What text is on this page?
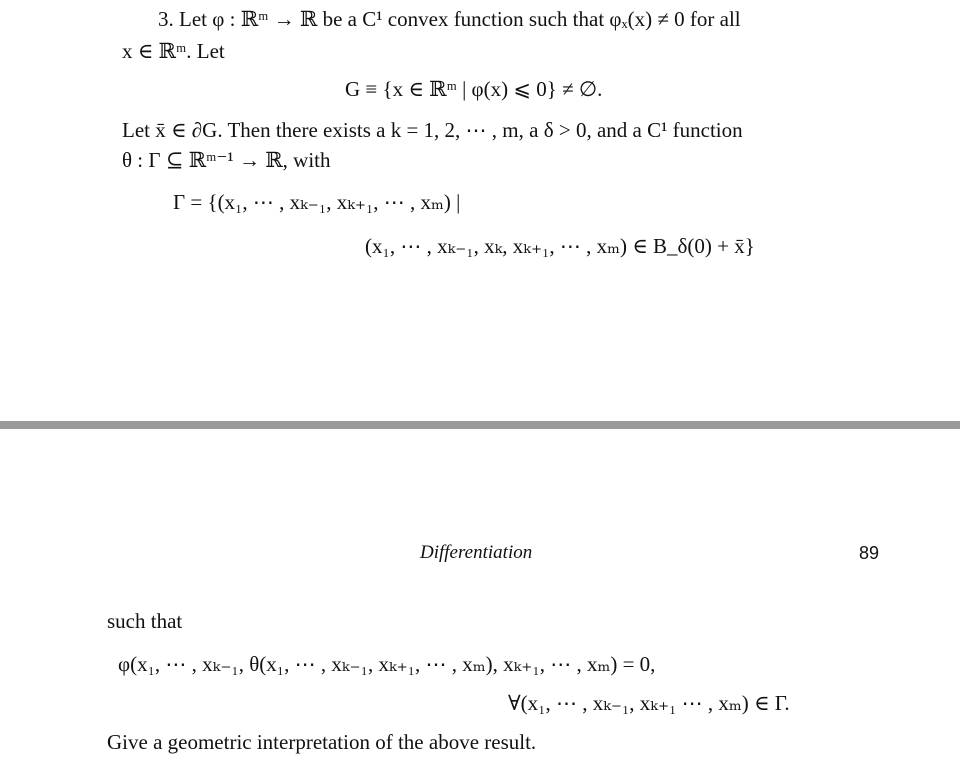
3. Let φ : ℝᵐ → ℝ be a C¹ convex function such that φₓ(x) ≠ 0 for all
x ∈ ℝᵐ. Let
G ≡ {x ∈ ℝᵐ | φ(x) ⩽ 0} ≠ ∅.
Let x̄ ∈ ∂G. Then there exists a k = 1, 2, ⋯ , m, a δ > 0, and a C¹ function
θ : Γ ⊆ ℝᵐ⁻¹ → ℝ, with
Γ = {(x₁, ⋯ , xₖ₋₁, xₖ₊₁, ⋯ , xₘ) |
(x₁, ⋯ , xₖ₋₁, xₖ, xₖ₊₁, ⋯ , xₘ) ∈ B_δ(0) + x̄}
Differentiation	89
such that
φ(x₁, ⋯ , xₖ₋₁, θ(x₁, ⋯ , xₖ₋₁, xₖ₊₁, ⋯ , xₘ), xₖ₊₁, ⋯ , xₘ) = 0,
∀(x₁, ⋯ , xₖ₋₁, xₖ₊₁ ⋯ , xₘ) ∈ Γ.
Give a geometric interpretation of the above result.
